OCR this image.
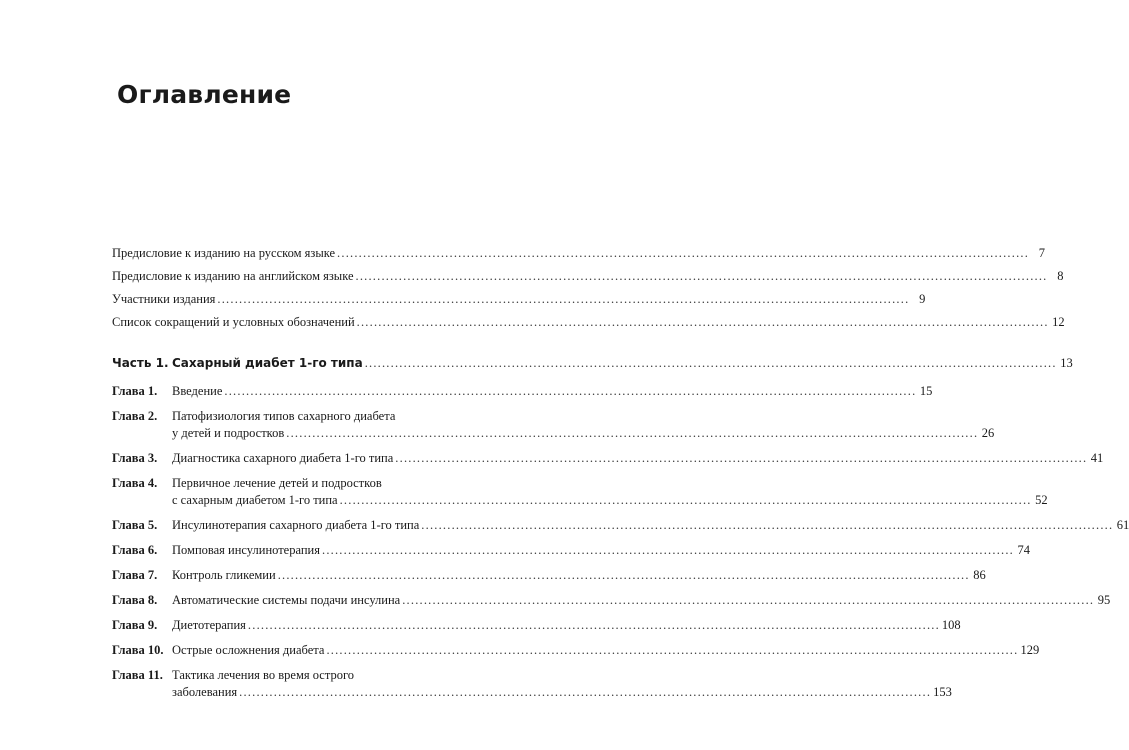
Оглавление
Предисловие к изданию на русском языке .....	7
Предисловие к изданию на английском языке .....	8
Участники издания .....	9
Список сокращений и условных обозначений .....	12
Часть 1. Сахарный диабет 1-го типа .....	13
Глава 1.	Введение .....	15
Глава 2.	Патофизиология типов сахарного диабета
у детей и подростков .....	26
Глава 3.	Диагностика сахарного диабета 1-го типа .....	41
Глава 4.	Первичное лечение детей и подростков
с сахарным диабетом 1-го типа .....	52
Глава 5.	Инсулинотерапия сахарного диабета 1-го типа .....	61
Глава 6.	Помповая инсулинотерапия .....	74
Глава 7.	Контроль гликемии .....	86
Глава 8.	Автоматические системы подачи инсулина .....	95
Глава 9.	Диетотерапия .....	108
Глава 10. Острые осложнения диабета .....	129
Глава 11. Тактика лечения во время острого
заболевания .....	153
